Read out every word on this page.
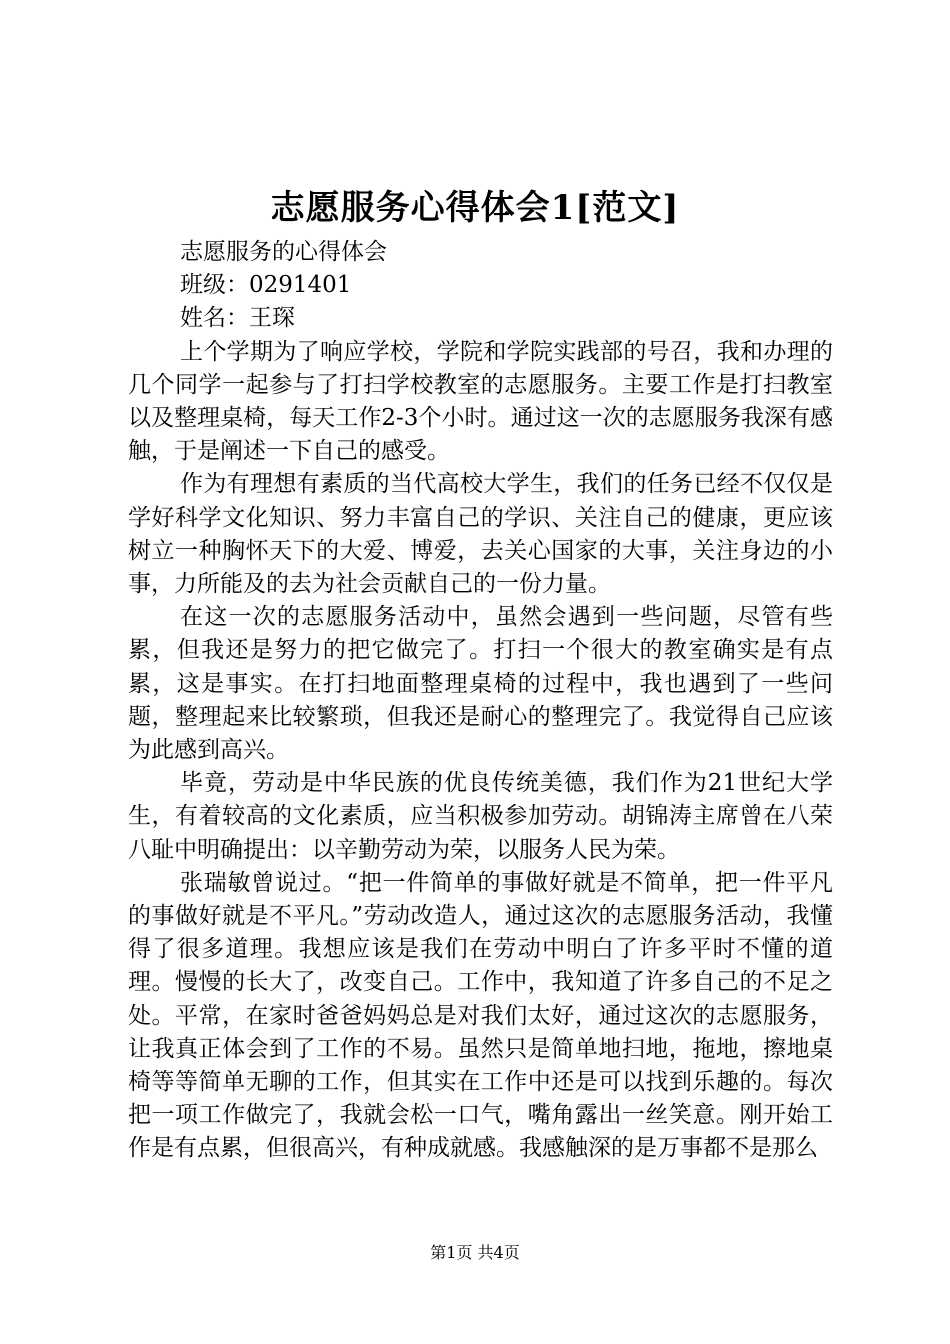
志愿服务心得体会1[范文]

志愿服务的心得体会

班级：0291401

姓名：王琛

上个学期为了响应学校，学院和学院实践部的号召，我和办理的几个同学一起参与了打扫学校教室的志愿服务。主要工作是打扫教室以及整理桌椅，每天工作2-3个小时。通过这一次的志愿服务我深有感触，于是阐述一下自己的感受。

作为有理想有素质的当代高校大学生，我们的任务已经不仅仅是学好科学文化知识、努力丰富自己的学识、关注自己的健康，更应该树立一种胸怀天下的大爱、博爱，去关心国家的大事，关注身边的小事，力所能及的去为社会贡献自己的一份力量。

在这一次的志愿服务活动中，虽然会遇到一些问题，尽管有些累，但我还是努力的把它做完了。打扫一个很大的教室确实是有点累，这是事实。在打扫地面整理桌椅的过程中，我也遇到了一些问题，整理起来比较繁琐，但我还是耐心的整理完了。我觉得自己应该为此感到高兴。

毕竟，劳动是中华民族的优良传统美德，我们作为21世纪大学生，有着较高的文化素质，应当积极参加劳动。胡锦涛主席曾在八荣八耻中明确提出：以辛勤劳动为荣，以服务人民为荣。

张瑞敏曾说过。“把一件简单的事做好就是不简单，把一件平凡的事做好就是不平凡。”劳动改造人，通过这次的志愿服务活动，我懂得了很多道理。我想应该是我们在劳动中明白了许多平时不懂的道理。慢慢的长大了，改变自己。工作中，我知道了许多自己的不足之处。平常，在家时爸爸妈妈总是对我们太好，通过这次的志愿服务，让我真正体会到了工作的不易。虽然只是简单地扫地，拖地，擦地桌椅等等简单无聊的工作，但其实在工作中还是可以找到乐趣的。每次把一项工作做完了，我就会松一口气，嘴角露出一丝笑意。刚开始工作是有点累，但很高兴，有种成就感。我感触深的是万事都不是那么

第1页 共4页
